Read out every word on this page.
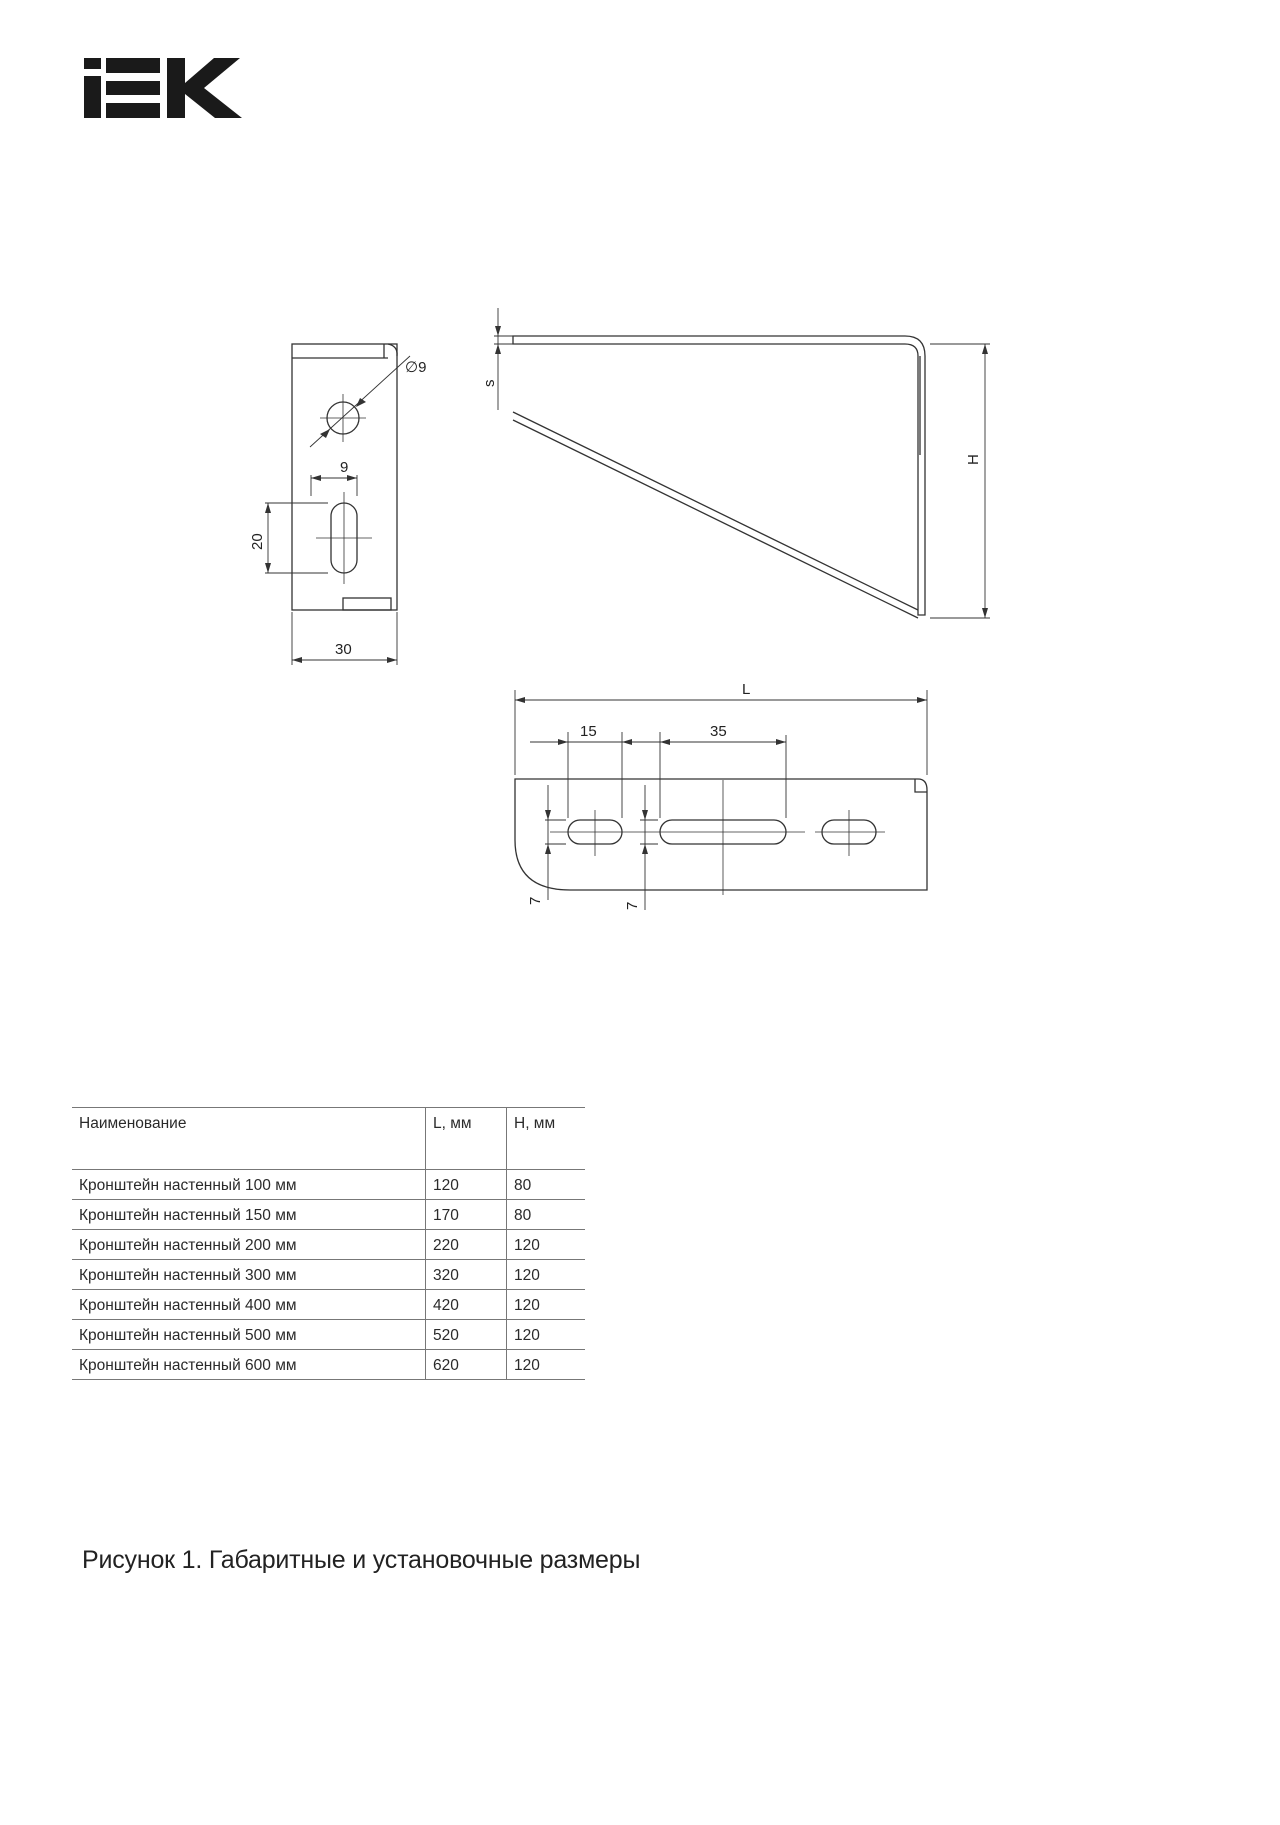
∅9
9
20
30
s
H
L
15	35
7
7
Наименование	L, мм	H, мм
Кронштейн настенный 100 мм	120	80
Кронштейн настенный 150 мм	170	80
Кронштейн настенный 200 мм	220	120
Кронштейн настенный 300 мм	320	120
Кронштейн настенный 400 мм	420	120
Кронштейн настенный 500 мм	520	120
Кронштейн настенный 600 мм	620	120
Рисунок 1. Габаритные и установочные размеры
